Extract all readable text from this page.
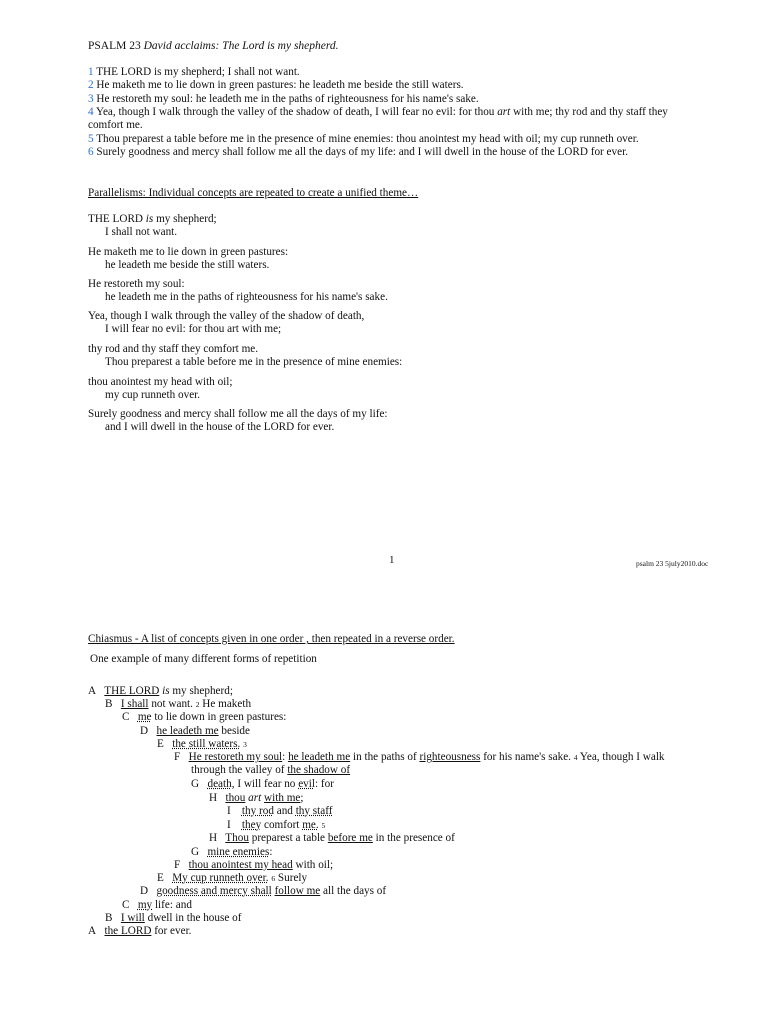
PSALM 23 David acclaims: The Lord is my shepherd.
1 THE LORD is my shepherd; I shall not want.
2 He maketh me to lie down in green pastures: he leadeth me beside the still waters.
3 He restoreth my soul: he leadeth me in the paths of righteousness for his name's sake.
4 Yea, though I walk through the valley of the shadow of death, I will fear no evil: for thou art with me; thy rod and thy staff they
comfort me.
5 Thou preparest a table before me in the presence of mine enemies: thou anointest my head with oil; my cup runneth over.
6 Surely goodness and mercy shall follow me all the days of my life: and I will dwell in the house of the LORD for ever.
Parallelisms: Individual concepts are repeated to create a unified theme…
THE LORD is my shepherd;
I shall not want.
He maketh me to lie down in green pastures:
he leadeth me beside the still waters.
He restoreth my soul:
he leadeth me in the paths of righteousness for his name's sake.
Yea, though I walk through the valley of the shadow of death,
I will fear no evil: for thou art with me;
thy rod and thy staff they comfort me.
Thou preparest a table before me in the presence of mine enemies:
thou anointest my head with oil;
my cup runneth over.
Surely goodness and mercy shall follow me all the days of my life:
and I will dwell in the house of the LORD for ever.
1	psalm 23 5july2010.doc
Chiasmus - A list of concepts given in one order , then repeated in a reverse order.
One example of many different forms of repetition
A THE LORD is my shepherd;
B I shall not want. 2 He maketh
C me to lie down in green pastures:
D he leadeth me beside
E the still waters. 3
F He restoreth my soul: he leadeth me in the paths of righteousness for his name's sake. 4 Yea, though I walk
through the valley of the shadow of
G death, I will fear no evil: for
H thou art with me;
I thy rod and thy staff
I they comfort me. 5
H Thou preparest a table before me in the presence of
G mine enemies:
F thou anointest my head with oil;
E My cup runneth over. 6 Surely
D goodness and mercy shall follow me all the days of
C my life: and
B I will dwell in the house of
A the LORD for ever.
